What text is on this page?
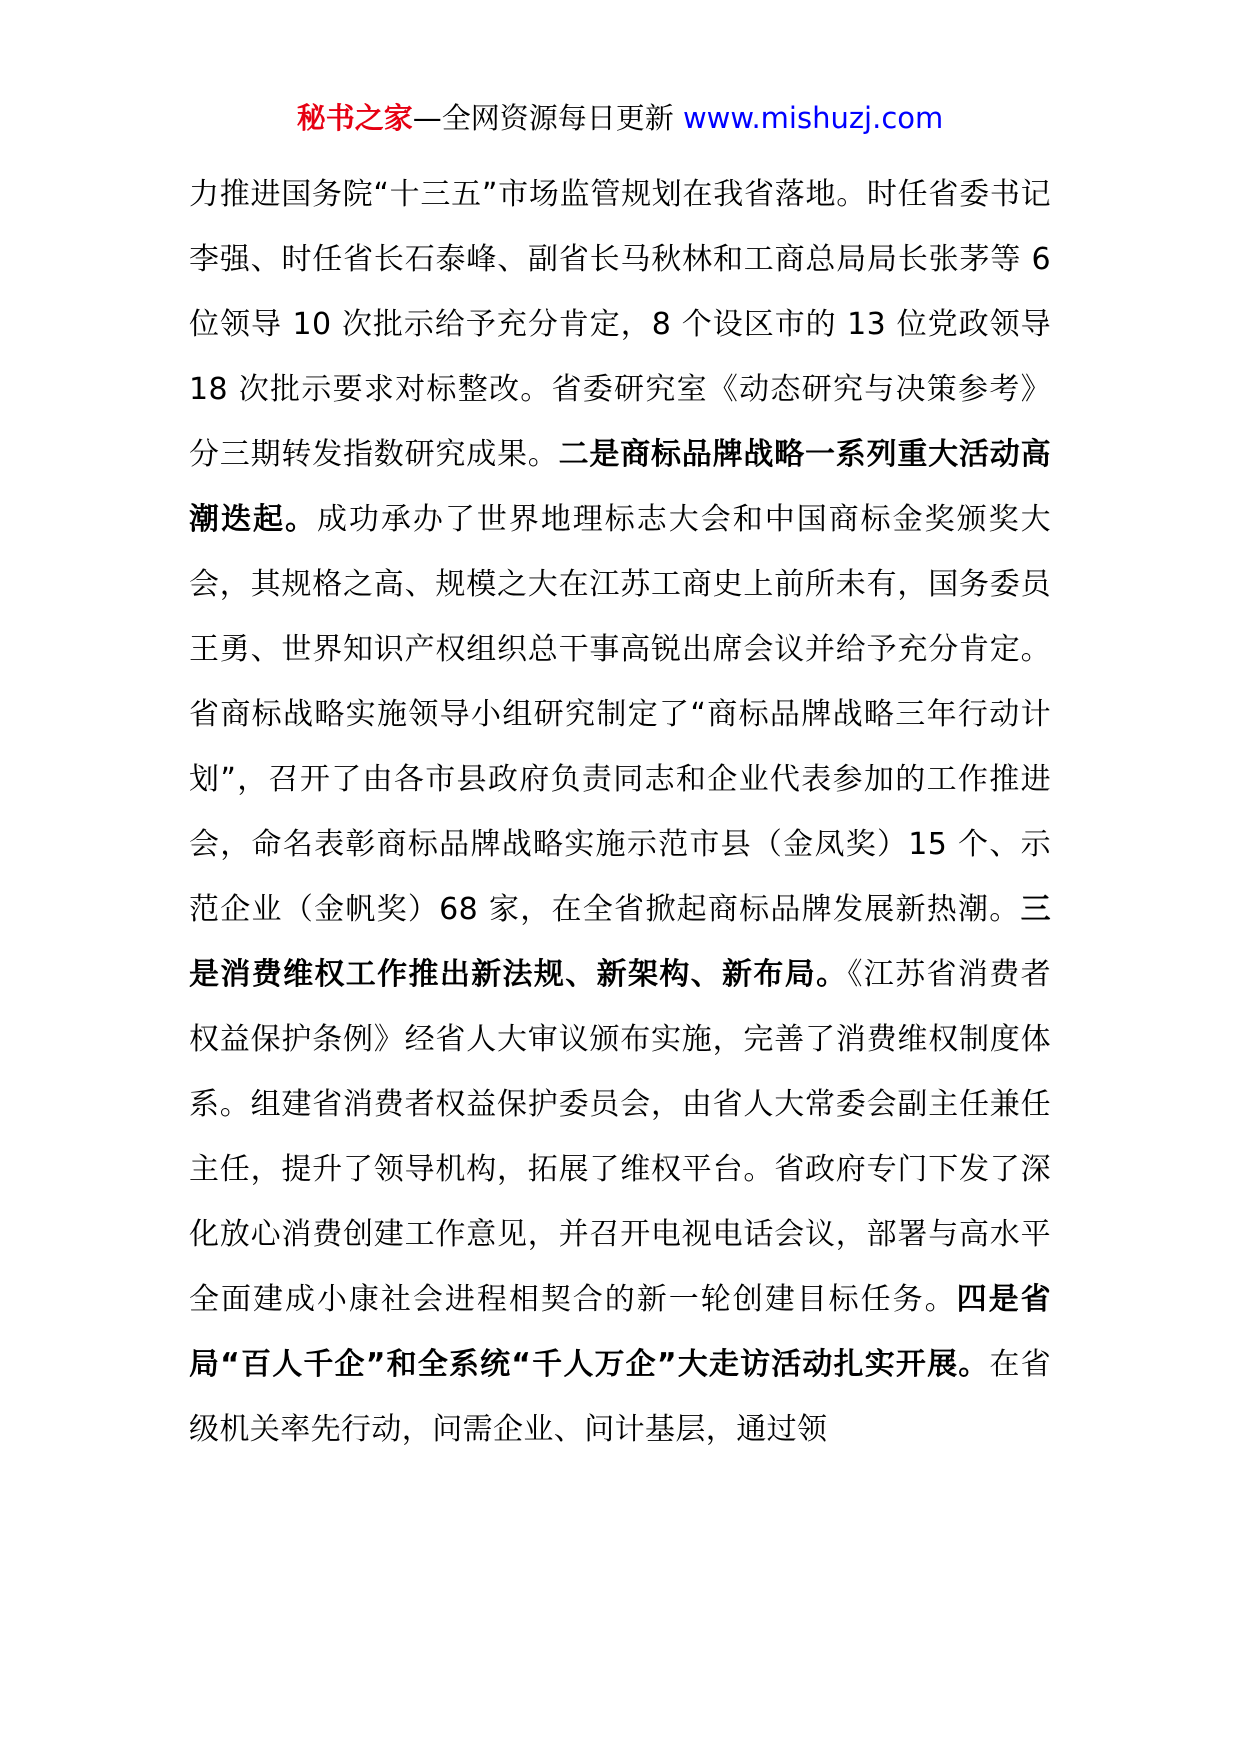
秘书之家—全网资源每日更新 www.mishuzj.com
力推进国务院“十三五”市场监管规划在我省落地。时任省委书记李强、时任省长石泰峰、副省长马秋林和工商总局局长张茅等 6 位领导 10 次批示给予充分肯定，8 个设区市的 13 位党政领导 18 次批示要求对标整改。省委研究室《动态研究与决策参考》分三期转发指数研究成果。二是商标品牌战略一系列重大活动高潮迭起。成功承办了世界地理标志大会和中国商标金奖颁奖大会，其规格之高、规模之大在江苏工商史上前所未有，国务委员王勇、世界知识产权组织总干事高锐出席会议并给予充分肯定。省商标战略实施领导小组研究制定了“商标品牌战略三年行动计划”，召开了由各市县政府负责同志和企业代表参加的工作推进会，命名表彰商标品牌战略实施示范市县（金凤奖）15 个、示范企业（金帆奖）68 家，在全省掀起商标品牌发展新热潮。三是消费维权工作推出新法规、新架构、新布局。《江苏省消费者权益保护条例》经省人大审议颁布实施，完善了消费维权制度体系。组建省消费者权益保护委员会，由省人大常委会副主任兼任主任，提升了领导机构，拓展了维权平台。省政府专门下发了深化放心消费创建工作意见，并召开电视电话会议，部署与高水平全面建成小康社会进程相契合的新一轮创建目标任务。四是省局“百人千企”和全系统“千人万企”大走访活动扎实开展。在省级机关率先行动，问需企业、问计基层，通过领
